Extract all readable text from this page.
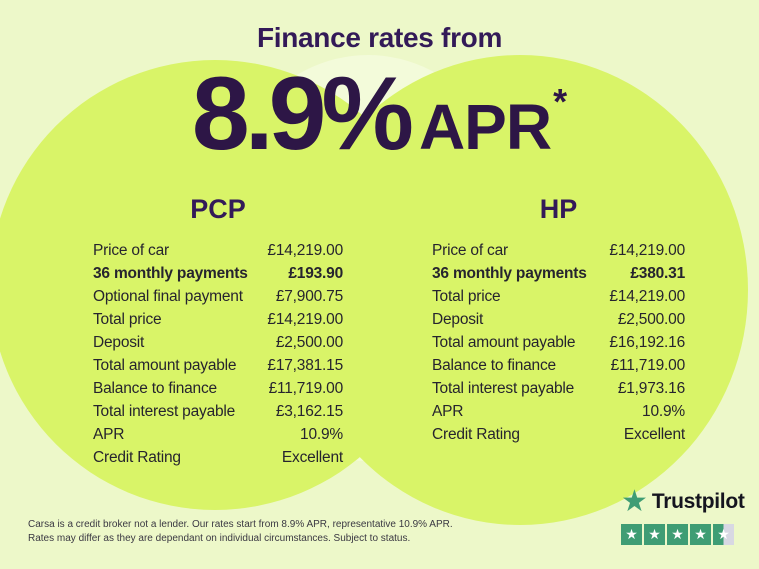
Finance rates from
8.9% APR *
PCP
Price of car	£14,219.00
36 monthly payments	£193.90
Optional final payment £7,900.75
Total price	£14,219.00
Deposit	£2,500.00
Total amount payable £17,381.15
Balance to finance	£11,719.00
Total interest payable	£3,162.15
APR	10.9%
Credit Rating	Excellent
HP
Price of car	£14,219.00
36 monthly payments	£380.31
Total price	£14,219.00
Deposit	£2,500.00
Total amount payable £16,192.16
Balance to finance	£11,719.00
Total interest payable	£1,973.16
APR	10.9%
Credit Rating	Excellent
Carsa is a credit broker not a lender. Our rates start from 8.9% APR, representative 10.9% APR.
Rates may differ as they are dependant on individual circumstances. Subject to status.
★ Trustpilot
★ ★ ★ ★ ★
